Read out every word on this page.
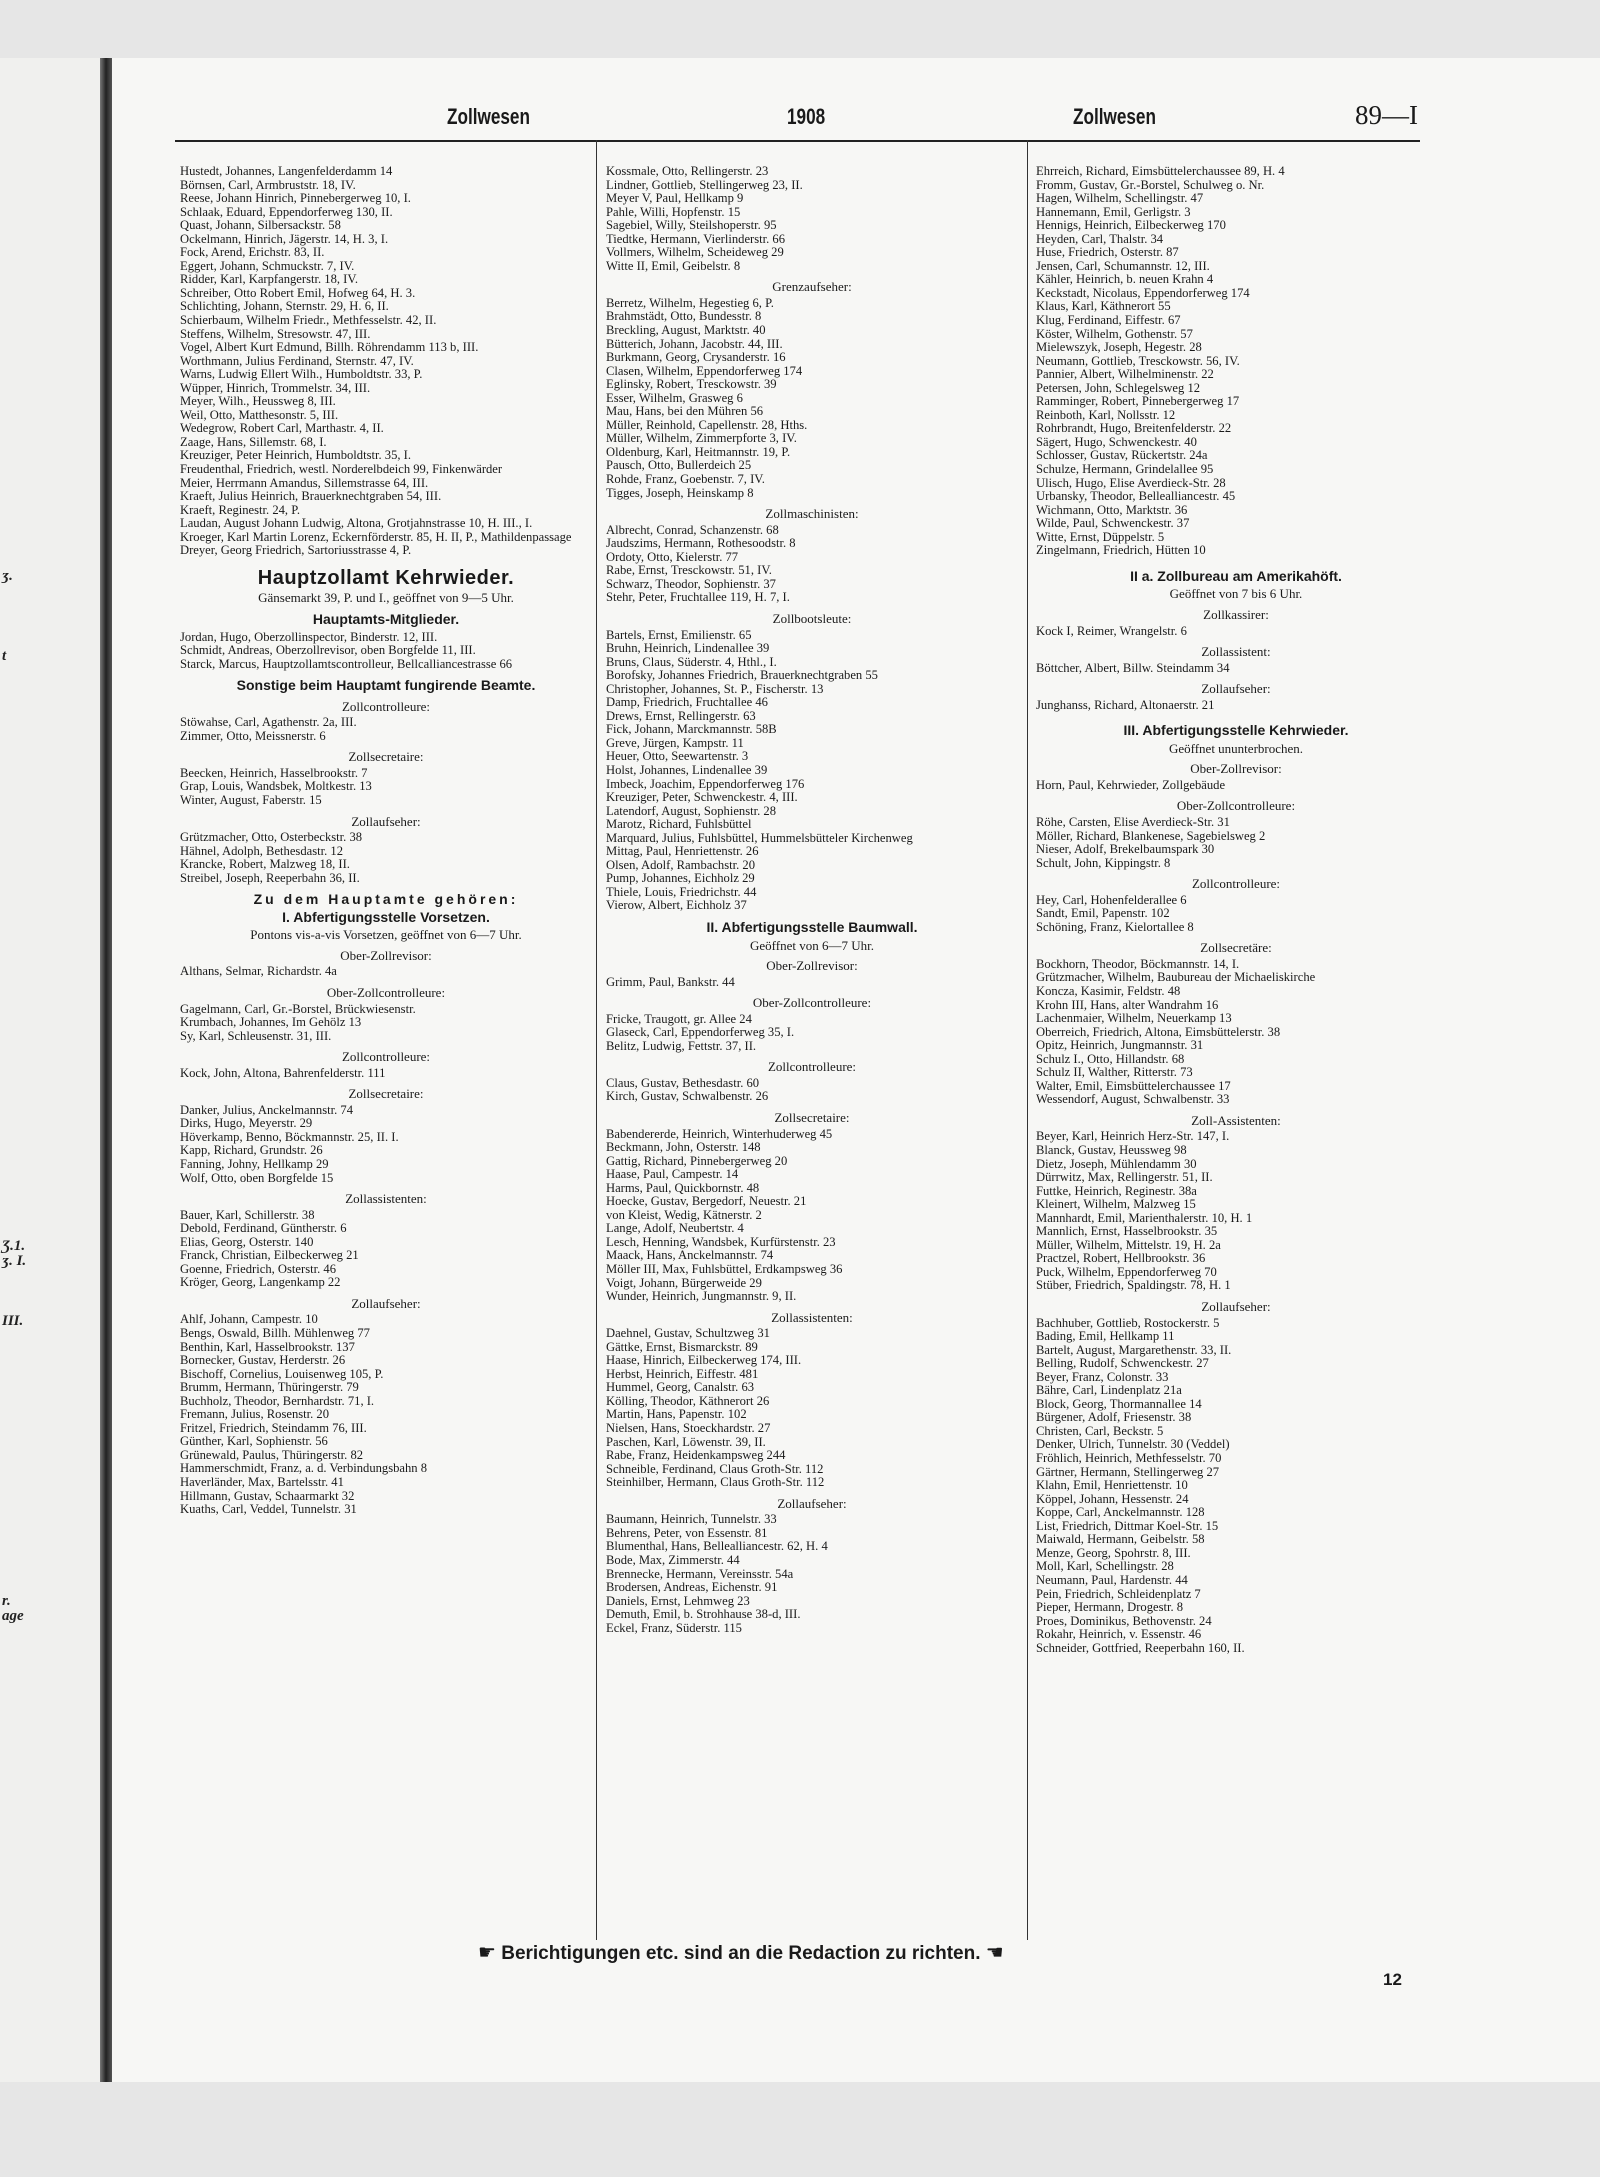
ʒ.
t
Ʒ.1.
ʒ. I.
III.
r.
age
Zollwesen	1908	Zollwesen	89—I
Hustedt, Johannes, Langenfelderdamm 14
Börnsen, Carl, Armbruststr. 18, IV.
Reese, Johann Hinrich, Pinnebergerweg 10, I.
Schlaak, Eduard, Eppendorferweg 130, II.
Quast, Johann, Silbersackstr. 58
Ockelmann, Hinrich, Jägerstr. 14, H. 3, I.
Fock, Arend, Erichstr. 83, II.
Eggert, Johann, Schmuckstr. 7, IV.
Ridder, Karl, Karpfangerstr. 18, IV.
Schreiber, Otto Robert Emil, Hofweg 64, H. 3.
Schlichting, Johann, Sternstr. 29, H. 6, II.
Schierbaum, Wilhelm Friedr., Methfesselstr. 42, II.
Steffens, Wilhelm, Stresowstr. 47, III.
Vogel, Albert Kurt Edmund, Billh. Röhrendamm 113 b, III.
Worthmann, Julius Ferdinand, Sternstr. 47, IV.
Warns, Ludwig Ellert Wilh., Humboldtstr. 33, P.
Wüpper, Hinrich, Trommelstr. 34, III.
Meyer, Wilh., Heussweg 8, III.
Weil, Otto, Matthesonstr. 5, III.
Wedegrow, Robert Carl, Marthastr. 4, II.
Zaage, Hans, Sillemstr. 68, I.
Kreuziger, Peter Heinrich, Humboldtstr. 35, I.
Freudenthal, Friedrich, westl. Norderelbdeich 99, Finkenwärder
Meier, Herrmann Amandus, Sillemstrasse 64, III.
Kraeft, Julius Heinrich, Brauerknechtgraben 54, III.
Kraeft, Reginestr. 24, P.
Laudan, August Johann Ludwig, Altona, Grotjahnstrasse 10, H. III., I.
Kroeger, Karl Martin Lorenz, Eckernförderstr. 85, H. II, P., Mathildenpassage
Dreyer, Georg Friedrich, Sartoriusstrasse 4, P.
Hauptzollamt Kehrwieder.
Gänsemarkt 39, P. und I., geöffnet von 9—5 Uhr.
Hauptamts-Mitglieder.
Jordan, Hugo, Oberzollinspector, Binderstr. 12, III.
Schmidt, Andreas, Oberzollrevisor, oben Borgfelde 11, III.
Starck, Marcus, Hauptzollamtscontrolleur, Bellcalliancestrasse 66
Sonstige beim Hauptamt fungirende Beamte.
Zollcontrolleure:
Stöwahse, Carl, Agathenstr. 2a, III.
Zimmer, Otto, Meissnerstr. 6
Zollsecretaire:
Beecken, Heinrich, Hasselbrookstr. 7
Grap, Louis, Wandsbek, Moltkestr. 13
Winter, August, Faberstr. 15
Zollaufseher:
Grützmacher, Otto, Osterbeckstr. 38
Hähnel, Adolph, Bethesdastr. 12
Krancke, Robert, Malzweg 18, II.
Streibel, Joseph, Reeperbahn 36, II.
Zu dem Hauptamte gehören:
I. Abfertigungsstelle Vorsetzen.
Pontons vis-a-vis Vorsetzen, geöffnet von 6—7 Uhr.
Ober-Zollrevisor:
Althans, Selmar, Richardstr. 4a
Ober-Zollcontrolleure:
Gagelmann, Carl, Gr.-Borstel, Brückwiesenstr.
Krumbach, Johannes, Im Gehölz 13
Sy, Karl, Schleusenstr. 31, III.
Zollcontrolleure:
Kock, John, Altona, Bahrenfelderstr. 111
Zollsecretaire:
Danker, Julius, Anckelmannstr. 74
Dirks, Hugo, Meyerstr. 29
Höverkamp, Benno, Böckmannstr. 25, II. I.
Kapp, Richard, Grundstr. 26
Fanning, Johny, Hellkamp 29
Wolf, Otto, oben Borgfelde 15
Zollassistenten:
Bauer, Karl, Schillerstr. 38
Debold, Ferdinand, Güntherstr. 6
Elias, Georg, Osterstr. 140
Franck, Christian, Eilbeckerweg 21
Goenne, Friedrich, Osterstr. 46
Kröger, Georg, Langenkamp 22
Zollaufseher:
Ahlf, Johann, Campestr. 10
Bengs, Oswald, Billh. Mühlenweg 77
Benthin, Karl, Hasselbrookstr. 137
Bornecker, Gustav, Herderstr. 26
Bischoff, Cornelius, Louisenweg 105, P.
Brumm, Hermann, Thüringerstr. 79
Buchholz, Theodor, Bernhardstr. 71, I.
Fremann, Julius, Rosenstr. 20
Fritzel, Friedrich, Steindamm 76, III.
Günther, Karl, Sophienstr. 56
Grünewald, Paulus, Thüringerstr. 82
Hammerschmidt, Franz, a. d. Verbindungsbahn 8
Haverländer, Max, Bartelsstr. 41
Hillmann, Gustav, Schaarmarkt 32
Kuaths, Carl, Veddel, Tunnelstr. 31
Kossmale, Otto, Rellingerstr. 23
Lindner, Gottlieb, Stellingerweg 23, II.
Meyer V, Paul, Hellkamp 9
Pahle, Willi, Hopfenstr. 15
Sagebiel, Willy, Steilshoperstr. 95
Tiedtke, Hermann, Vierlinderstr. 66
Vollmers, Wilhelm, Scheideweg 29
Witte II, Emil, Geibelstr. 8
Grenzaufseher:
Berretz, Wilhelm, Hegestieg 6, P.
Brahmstädt, Otto, Bundesstr. 8
Breckling, August, Marktstr. 40
Bütterich, Johann, Jacobstr. 44, III.
Burkmann, Georg, Crysanderstr. 16
Clasen, Wilhelm, Eppendorferweg 174
Eglinsky, Robert, Tresckowstr. 39
Esser, Wilhelm, Grasweg 6
Mau, Hans, bei den Mühren 56
Müller, Reinhold, Capellenstr. 28, Hths.
Müller, Wilhelm, Zimmerpforte 3, IV.
Oldenburg, Karl, Heitmannstr. 19, P.
Pausch, Otto, Bullerdeich 25
Rohde, Franz, Goebenstr. 7, IV.
Tigges, Joseph, Heinskamp 8
Zollmaschinisten:
Albrecht, Conrad, Schanzenstr. 68
Jaudszims, Hermann, Rothesoodstr. 8
Ordoty, Otto, Kielerstr. 77
Rabe, Ernst, Tresckowstr. 51, IV.
Schwarz, Theodor, Sophienstr. 37
Stehr, Peter, Fruchtallee 119, H. 7, I.
Zollbootsleute:
Bartels, Ernst, Emilienstr. 65
Bruhn, Heinrich, Lindenallee 39
Bruns, Claus, Süderstr. 4, Hthl., I.
Borofsky, Johannes Friedrich, Brauerknechtgraben 55
Christopher, Johannes, St. P., Fischerstr. 13
Damp, Friedrich, Fruchtallee 46
Drews, Ernst, Rellingerstr. 63
Fick, Johann, Marckmannstr. 58B
Greve, Jürgen, Kampstr. 11
Heuer, Otto, Seewartenstr. 3
Holst, Johannes, Lindenallee 39
Imbeck, Joachim, Eppendorferweg 176
Kreuziger, Peter, Schwenckestr. 4, III.
Latendorf, August, Sophienstr. 28
Marotz, Richard, Fuhlsbüttel
Marquard, Julius, Fuhlsbüttel, Hummelsbütteler Kirchenweg
Mittag, Paul, Henriettenstr. 26
Olsen, Adolf, Rambachstr. 20
Pump, Johannes, Eichholz 29
Thiele, Louis, Friedrichstr. 44
Vierow, Albert, Eichholz 37
II. Abfertigungsstelle Baumwall.
Geöffnet von 6—7 Uhr.
Ober-Zollrevisor:
Grimm, Paul, Bankstr. 44
Ober-Zollcontrolleure:
Fricke, Traugott, gr. Allee 24
Glaseck, Carl, Eppendorferweg 35, I.
Belitz, Ludwig, Fettstr. 37, II.
Zollcontrolleure:
Claus, Gustav, Bethesdastr. 60
Kirch, Gustav, Schwalbenstr. 26
Zollsecretaire:
Babendererde, Heinrich, Winterhuderweg 45
Beckmann, John, Osterstr. 148
Gattig, Richard, Pinnebergerweg 20
Haase, Paul, Campestr. 14
Harms, Paul, Quickbornstr. 48
Hoecke, Gustav, Bergedorf, Neuestr. 21
von Kleist, Wedig, Kätnerstr. 2
Lange, Adolf, Neubertstr. 4
Lesch, Henning, Wandsbek, Kurfürstenstr. 23
Maack, Hans, Anckelmannstr. 74
Möller III, Max, Fuhlsbüttel, Erdkampsweg 36
Voigt, Johann, Bürgerweide 29
Wunder, Heinrich, Jungmannstr. 9, II.
Zollassistenten:
Daehnel, Gustav, Schultzweg 31
Gättke, Ernst, Bismarckstr. 89
Haase, Hinrich, Eilbeckerweg 174, III.
Herbst, Heinrich, Eiffestr. 481
Hummel, Georg, Canalstr. 63
Kölling, Theodor, Käthnerort 26
Martin, Hans, Papenstr. 102
Nielsen, Hans, Stoeckhardstr. 27
Paschen, Karl, Löwenstr. 39, II.
Rabe, Franz, Heidenkampsweg 244
Schneible, Ferdinand, Claus Groth-Str. 112
Steinhilber, Hermann, Claus Groth-Str. 112
Zollaufseher:
Baumann, Heinrich, Tunnelstr. 33
Behrens, Peter, von Essenstr. 81
Blumenthal, Hans, Bellealliancestr. 62, H. 4
Bode, Max, Zimmerstr. 44
Brennecke, Hermann, Vereinsstr. 54a
Brodersen, Andreas, Eichenstr. 91
Daniels, Ernst, Lehmweg 23
Demuth, Emil, b. Strohhause 38-d, III.
Eckel, Franz, Süderstr. 115
Ehrreich, Richard, Eimsbüttelerchaussee 89, H. 4
Fromm, Gustav, Gr.-Borstel, Schulweg o. Nr.
Hagen, Wilhelm, Schellingstr. 47
Hannemann, Emil, Gerligstr. 3
Hennigs, Heinrich, Eilbeckerweg 170
Heyden, Carl, Thalstr. 34
Huse, Friedrich, Osterstr. 87
Jensen, Carl, Schumannstr. 12, III.
Kähler, Heinrich, b. neuen Krahn 4
Keckstadt, Nicolaus, Eppendorferweg 174
Klaus, Karl, Käthnerort 55
Klug, Ferdinand, Eiffestr. 67
Köster, Wilhelm, Gothenstr. 57
Mielewszyk, Joseph, Hegestr. 28
Neumann, Gottlieb, Tresckowstr. 56, IV.
Pannier, Albert, Wilhelminenstr. 22
Petersen, John, Schlegelsweg 12
Ramminger, Robert, Pinnebergerweg 17
Reinboth, Karl, Nollsstr. 12
Rohrbrandt, Hugo, Breitenfelderstr. 22
Sägert, Hugo, Schwenckestr. 40
Schlosser, Gustav, Rückertstr. 24a
Schulze, Hermann, Grindelallee 95
Ulisch, Hugo, Elise Averdieck-Str. 28
Urbansky, Theodor, Bellealliancestr. 45
Wichmann, Otto, Marktstr. 36
Wilde, Paul, Schwenckestr. 37
Witte, Ernst, Düppelstr. 5
Zingelmann, Friedrich, Hütten 10
II a. Zollbureau am Amerikahöft.
Geöffnet von 7 bis 6 Uhr.
Zollkassirer:
Kock I, Reimer, Wrangelstr. 6
Zollassistent:
Böttcher, Albert, Billw. Steindamm 34
Zollaufseher:
Junghanss, Richard, Altonaerstr. 21
III. Abfertigungsstelle Kehrwieder.
Geöffnet ununterbrochen.
Ober-Zollrevisor:
Horn, Paul, Kehrwieder, Zollgebäude
Ober-Zollcontrolleure:
Röhe, Carsten, Elise Averdieck-Str. 31
Möller, Richard, Blankenese, Sagebielsweg 2
Nieser, Adolf, Brekelbaumspark 30
Schult, John, Kippingstr. 8
Zollcontrolleure:
Hey, Carl, Hohenfelderallee 6
Sandt, Emil, Papenstr. 102
Schöning, Franz, Kielortallee 8
Zollsecretäre:
Bockhorn, Theodor, Böckmannstr. 14, I.
Grützmacher, Wilhelm, Baubureau der Michaeliskirche
Koncza, Kasimir, Feldstr. 48
Krohn III, Hans, alter Wandrahm 16
Lachenmaier, Wilhelm, Neuerkamp 13
Oberreich, Friedrich, Altona, Eimsbüttelerstr. 38
Opitz, Heinrich, Jungmannstr. 31
Schulz I., Otto, Hillandstr. 68
Schulz II, Walther, Ritterstr. 73
Walter, Emil, Eimsbüttelerchaussee 17
Wessendorf, August, Schwalbenstr. 33
Zoll-Assistenten:
Beyer, Karl, Heinrich Herz-Str. 147, I.
Blanck, Gustav, Heussweg 98
Dietz, Joseph, Mühlendamm 30
Dürrwitz, Max, Rellingerstr. 51, II.
Futtke, Heinrich, Reginestr. 38a
Kleinert, Wilhelm, Malzweg 15
Mannhardt, Emil, Marienthalerstr. 10, H. 1
Mannlich, Ernst, Hasselbrookstr. 35
Müller, Wilhelm, Mittelstr. 19, H. 2a
Practzel, Robert, Hellbrookstr. 36
Puck, Wilhelm, Eppendorferweg 70
Stüber, Friedrich, Spaldingstr. 78, H. 1
Zollaufseher:
Bachhuber, Gottlieb, Rostockerstr. 5
Bading, Emil, Hellkamp 11
Bartelt, August, Margarethenstr. 33, II.
Belling, Rudolf, Schwenckestr. 27
Beyer, Franz, Colonstr. 33
Bähre, Carl, Lindenplatz 21a
Block, Georg, Thormannallee 14
Bürgener, Adolf, Friesenstr. 38
Christen, Carl, Beckstr. 5
Denker, Ulrich, Tunnelstr. 30 (Veddel)
Fröhlich, Heinrich, Methfesselstr. 70
Gärtner, Hermann, Stellingerweg 27
Klahn, Emil, Henriettenstr. 10
Köppel, Johann, Hessenstr. 24
Koppe, Carl, Anckelmannstr. 128
List, Friedrich, Dittmar Koel-Str. 15
Maiwald, Hermann, Geibelstr. 58
Menze, Georg, Spohrstr. 8, III.
Moll, Karl, Schellingstr. 28
Neumann, Paul, Hardenstr. 44
Pein, Friedrich, Schleidenplatz 7
Pieper, Hermann, Drogestr. 8
Proes, Dominikus, Bethovenstr. 24
Rokahr, Heinrich, v. Essenstr. 46
Schneider, Gottfried, Reeperbahn 160, II.
☛ Berichtigungen etc. sind an die Redaction zu richten. ☚
12
